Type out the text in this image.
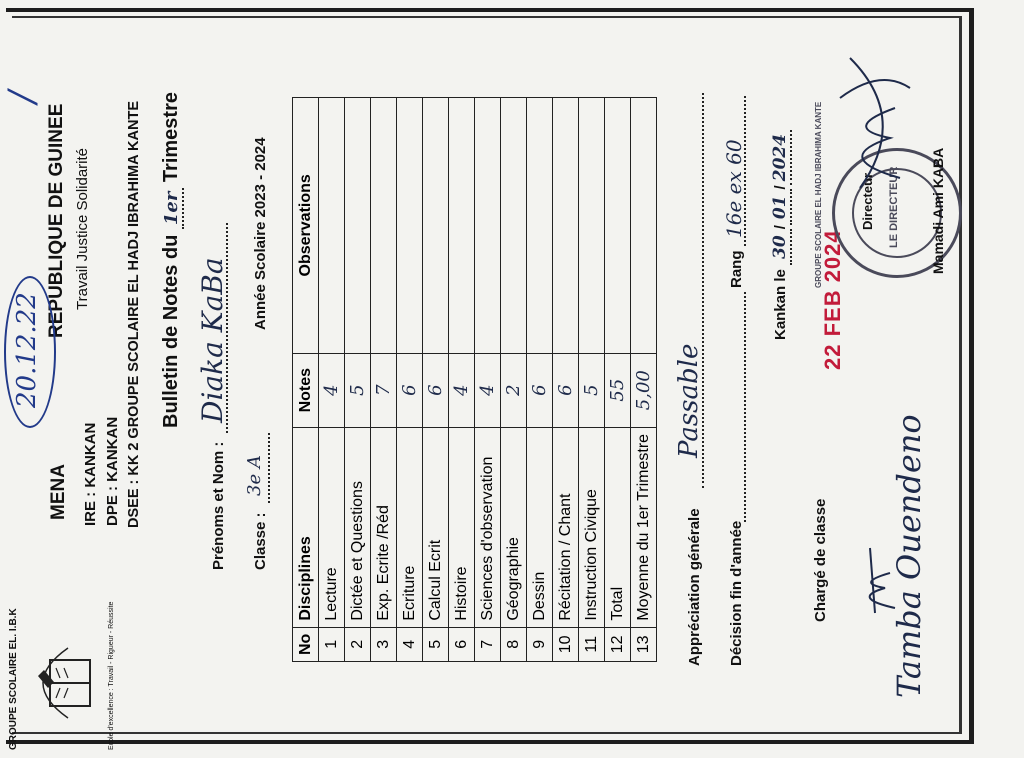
GROUPE SCOLAIRE EL. I.B.K	Ecole d'excellence : Travail - Rigueur - Réussite
MENA IRE : KANKAN DPE : KANKAN DSEE : KK 2 GROUPE SCOLAIRE EL HADJ IBRAHIMA KANTE
REPUBLIQUE DE GUINEE Travail Justice Solidarité
20.12.22
/
Bulletin de Notes du 1er Trimestre
Prénoms et Nom :
Diaka KaBa
Classe :
3e A
Année Scolaire 2023 - 2024
No	Disciplines	Notes	Observations
1	Lecture	4	
2	Dictée et Questions	5	
3	Exp. Ecrite /Réd	7	
4	Ecriture	6	
5	Calcul Ecrit	6	
6	Histoire	4	
7	Sciences d'observation	4	
8	Géographie	2	
9	Dessin	6	
10	Récitation / Chant	6	
11	Instruction Civique	5	
12	Total	55	
13	Moyenne du 1er Trimestre	5,00	
Appréciation générale
Passable
Décision fin d'année
Rang
16e ex 60
Kankan le 30/01/2024
Chargé de classe Tamba Ouendeno
22 FEB 2024
GROUPE SCOLAIRE EL HADJ IBRAHIMA KANTE	LE DIRECTEUR
Directeur	Mamadi Ami KABA
